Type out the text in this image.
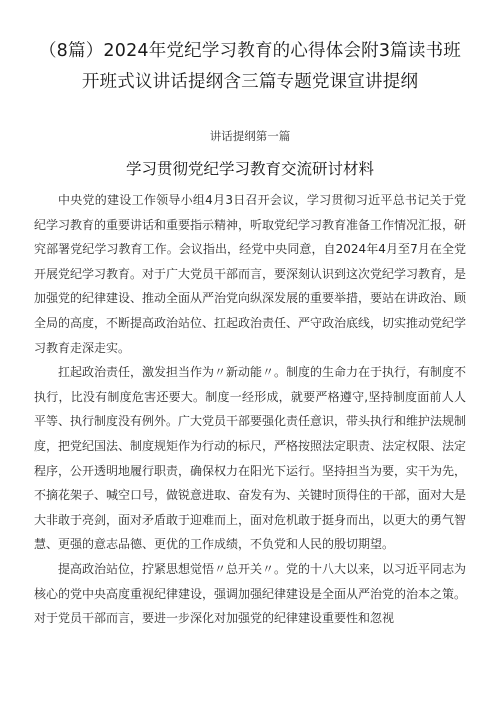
（8篇）2024年党纪学习教育的心得体会附3篇读书班开班式议讲话提纲含三篇专题党课宣讲提纲
讲话提纲第一篇
学习贯彻党纪学习教育交流研讨材料

中央党的建设工作领导小组4月3日召开会议，学习贯彻习近平总书记关于党纪学习教育的重要讲话和重要指示精神，听取党纪学习教育准备工作情况汇报，研究部署党纪学习教育工作。会议指出，经党中央同意，自2024年4月至7月在全党开展党纪学习教育。对于广大党员干部而言，要深刻认识到这次党纪学习教育，是加强党的纪律建设、推动全面从严治党向纵深发展的重要举措，要站在讲政治、顾全局的高度，不断提高政治站位、扛起政治责任、严守政治底线，切实推动党纪学习教育走深走实。

扛起政治责任，激发担当作为〃新动能〃。制度的生命力在于执行，有制度不执行，比没有制度危害还要大。制度一经形成，就要严格遵守,坚持制度面前人人平等、执行制度没有例外。广大党员干部要强化责任意识，带头执行和维护法规制度，把党纪国法、制度规矩作为行动的标尺，严格按照法定职责、法定权限、法定程序，公开透明地履行职责，确保权力在阳光下运行。坚持担当为要，实干为先，不摘花架子、喊空口号，做锐意进取、奋发有为、关键时顶得住的干部，面对大是大非敢于亮剑，面对矛盾敢于迎难而上，面对危机敢于挺身而出，以更大的勇气智慧、更强的意志品德、更优的工作成绩，不负党和人民的殷切期望。

提高政治站位，拧紧思想觉悟〃总开关〃。党的十八大以来，以习近平同志为核心的党中央高度重视纪律建设，强调加强纪律建设是全面从严治党的治本之策。对于党员干部而言，要进一步深化对加强党的纪律建设重要性和忽视
